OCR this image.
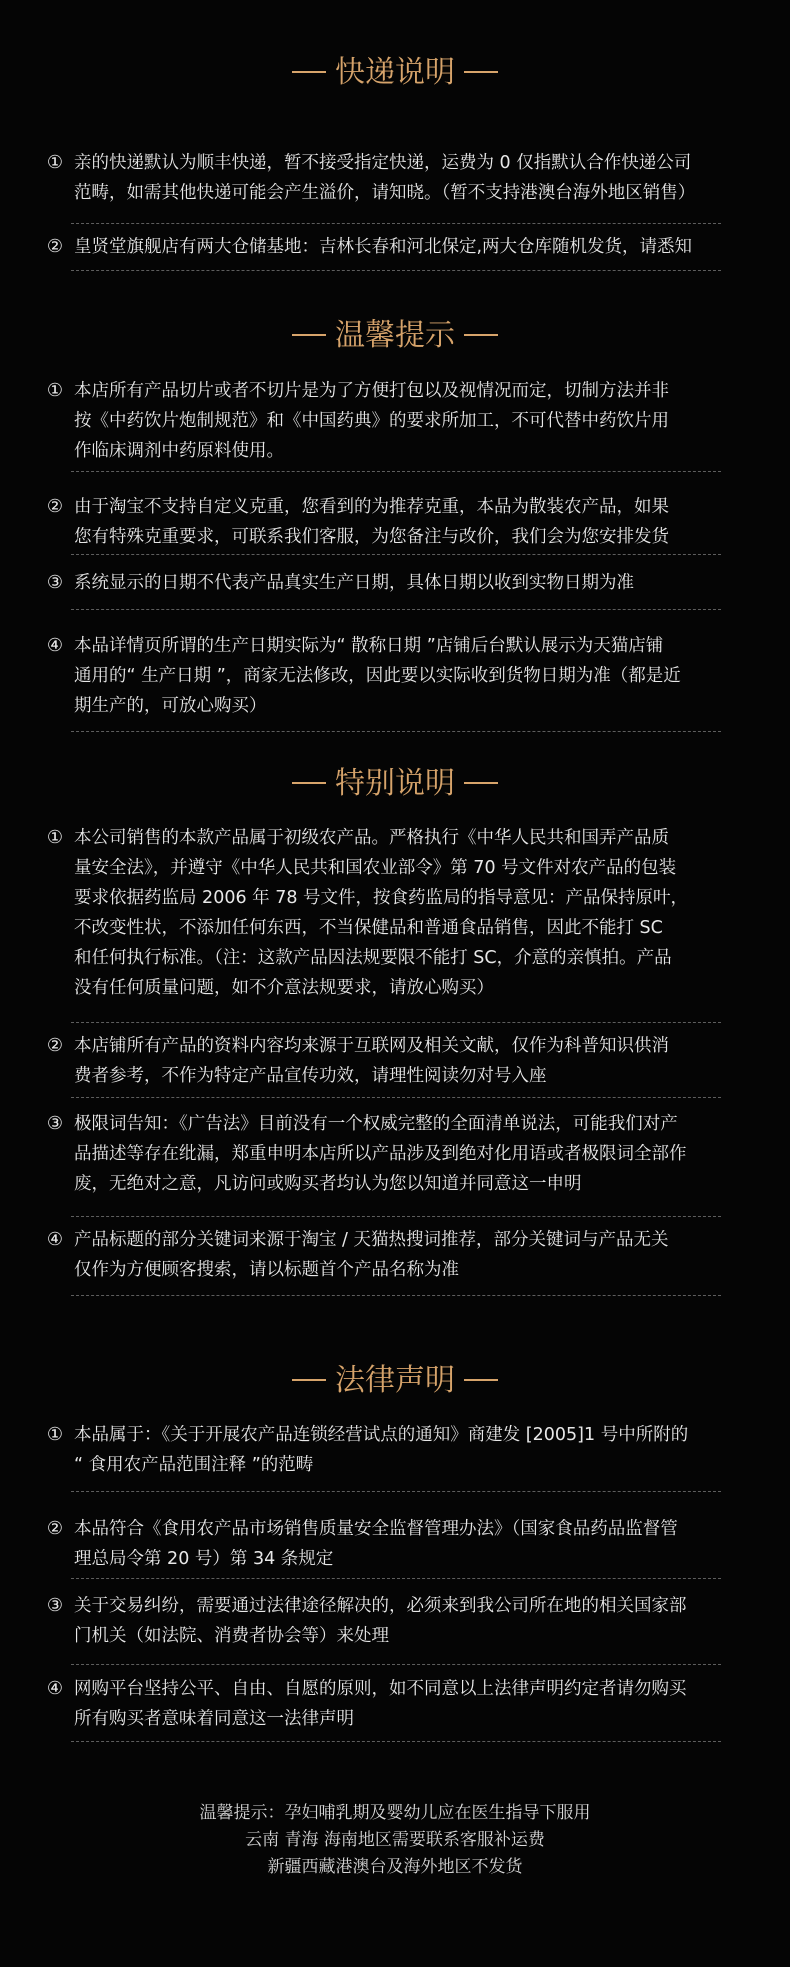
快递说明
① 亲的快递默认为顺丰快递，暂不接受指定快递，运费为 0 仅指默认合作快递公司
范畴，如需其他快递可能会产生溢价，请知晓。（暂不支持港澳台海外地区销售）
② 皇贤堂旗舰店有两大仓储基地：吉林长春和河北保定,两大仓库随机发货，请悉知
温馨提示
① 本店所有产品切片或者不切片是为了方便打包以及视情况而定，切制方法并非
按《中药饮片炮制规范》和《中国药典》的要求所加工，不可代替中药饮片用
作临床调剂中药原料使用。
② 由于淘宝不支持自定义克重，您看到的为推荐克重，本品为散装农产品，如果
您有特殊克重要求，可联系我们客服，为您备注与改价，我们会为您安排发货
③ 系统显示的日期不代表产品真实生产日期，具体日期以收到实物日期为准
④ 本品详情页所谓的生产日期实际为“ 散称日期 ”店铺后台默认展示为天猫店铺
通用的“ 生产日期 ”，商家无法修改，因此要以实际收到货物日期为准（都是近
期生产的，可放心购买）
特别说明
① 本公司销售的本款产品属于初级农产品。严格执行《中华人民共和国弄产品质
量安全法》，并遵守《中华人民共和国农业部令》第 70 号文件对农产品的包装
要求依据药监局 2006 年 78 号文件，按食药监局的指导意见：产品保持原叶，
不改变性状，不添加任何东西，不当保健品和普通食品销售，因此不能打 SC
和任何执行标准。（注：这款产品因法规要限不能打 SC，介意的亲慎拍。产品
没有任何质量问题，如不介意法规要求，请放心购买）
② 本店铺所有产品的资料内容均来源于互联网及相关文献，仅作为科普知识供消
费者参考，不作为特定产品宣传功效，请理性阅读勿对号入座
③ 极限词告知：《广告法》目前没有一个权威完整的全面清单说法，可能我们对产
品描述等存在纰漏，郑重申明本店所以产品涉及到绝对化用语或者极限词全部作
废，无绝对之意，凡访问或购买者均认为您以知道并同意这一申明
④ 产品标题的部分关键词来源于淘宝 / 天猫热搜词推荐，部分关键词与产品无关
仅作为方便顾客搜索，请以标题首个产品名称为准
法律声明
① 本品属于：《关于开展农产品连锁经营试点的通知》商建发 [2005]1 号中所附的
“ 食用农产品范围注释 ”的范畴
② 本品符合《食用农产品市场销售质量安全监督管理办法》（国家食品药品监督管
理总局令第 20 号）第 34 条规定
③ 关于交易纠纷，需要通过法律途径解决的，必须来到我公司所在地的相关国家部
门机关（如法院、消费者协会等）来处理
④ 网购平台坚持公平、自由、自愿的原则，如不同意以上法律声明约定者请勿购买
所有购买者意味着同意这一法律声明
温馨提示：孕妇哺乳期及婴幼儿应在医生指导下服用
云南 青海 海南地区需要联系客服补运费
新疆西藏港澳台及海外地区不发货
